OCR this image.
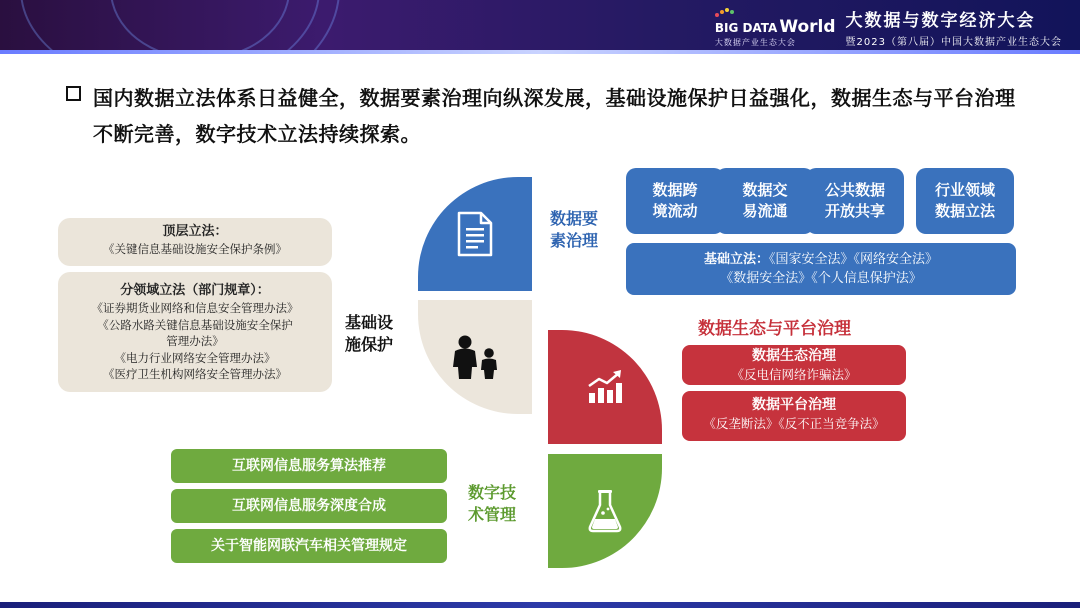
BIG DATA World
大数据产业生态大会
大数据与数字经济大会
暨2023（第八届）中国大数据产业生态大会
国内数据立法体系日益健全，数据要素治理向纵深发展，基础设施保护日益强化，数据生态与平台治理不断完善，数字技术立法持续探索。
数据要
素治理
基础设
施保护
数字技
术管理
数据生态与平台治理
数据跨
境流动
数据交
易流通
公共数据
开放共享
行业领域
数据立法
基础立法：《国家安全法》《网络安全法》
《数据安全法》《个人信息保护法》
顶层立法：
《关键信息基础设施安全保护条例》
分领域立法（部门规章）：
《证券期货业网络和信息安全管理办法》
《公路水路关键信息基础设施安全保护
管理办法》
《电力行业网络安全管理办法》
《医疗卫生机构网络安全管理办法》
数据生态治理
《反电信网络诈骗法》
数据平台治理
《反垄断法》《反不正当竞争法》
互联网信息服务算法推荐
互联网信息服务深度合成
关于智能网联汽车相关管理规定
